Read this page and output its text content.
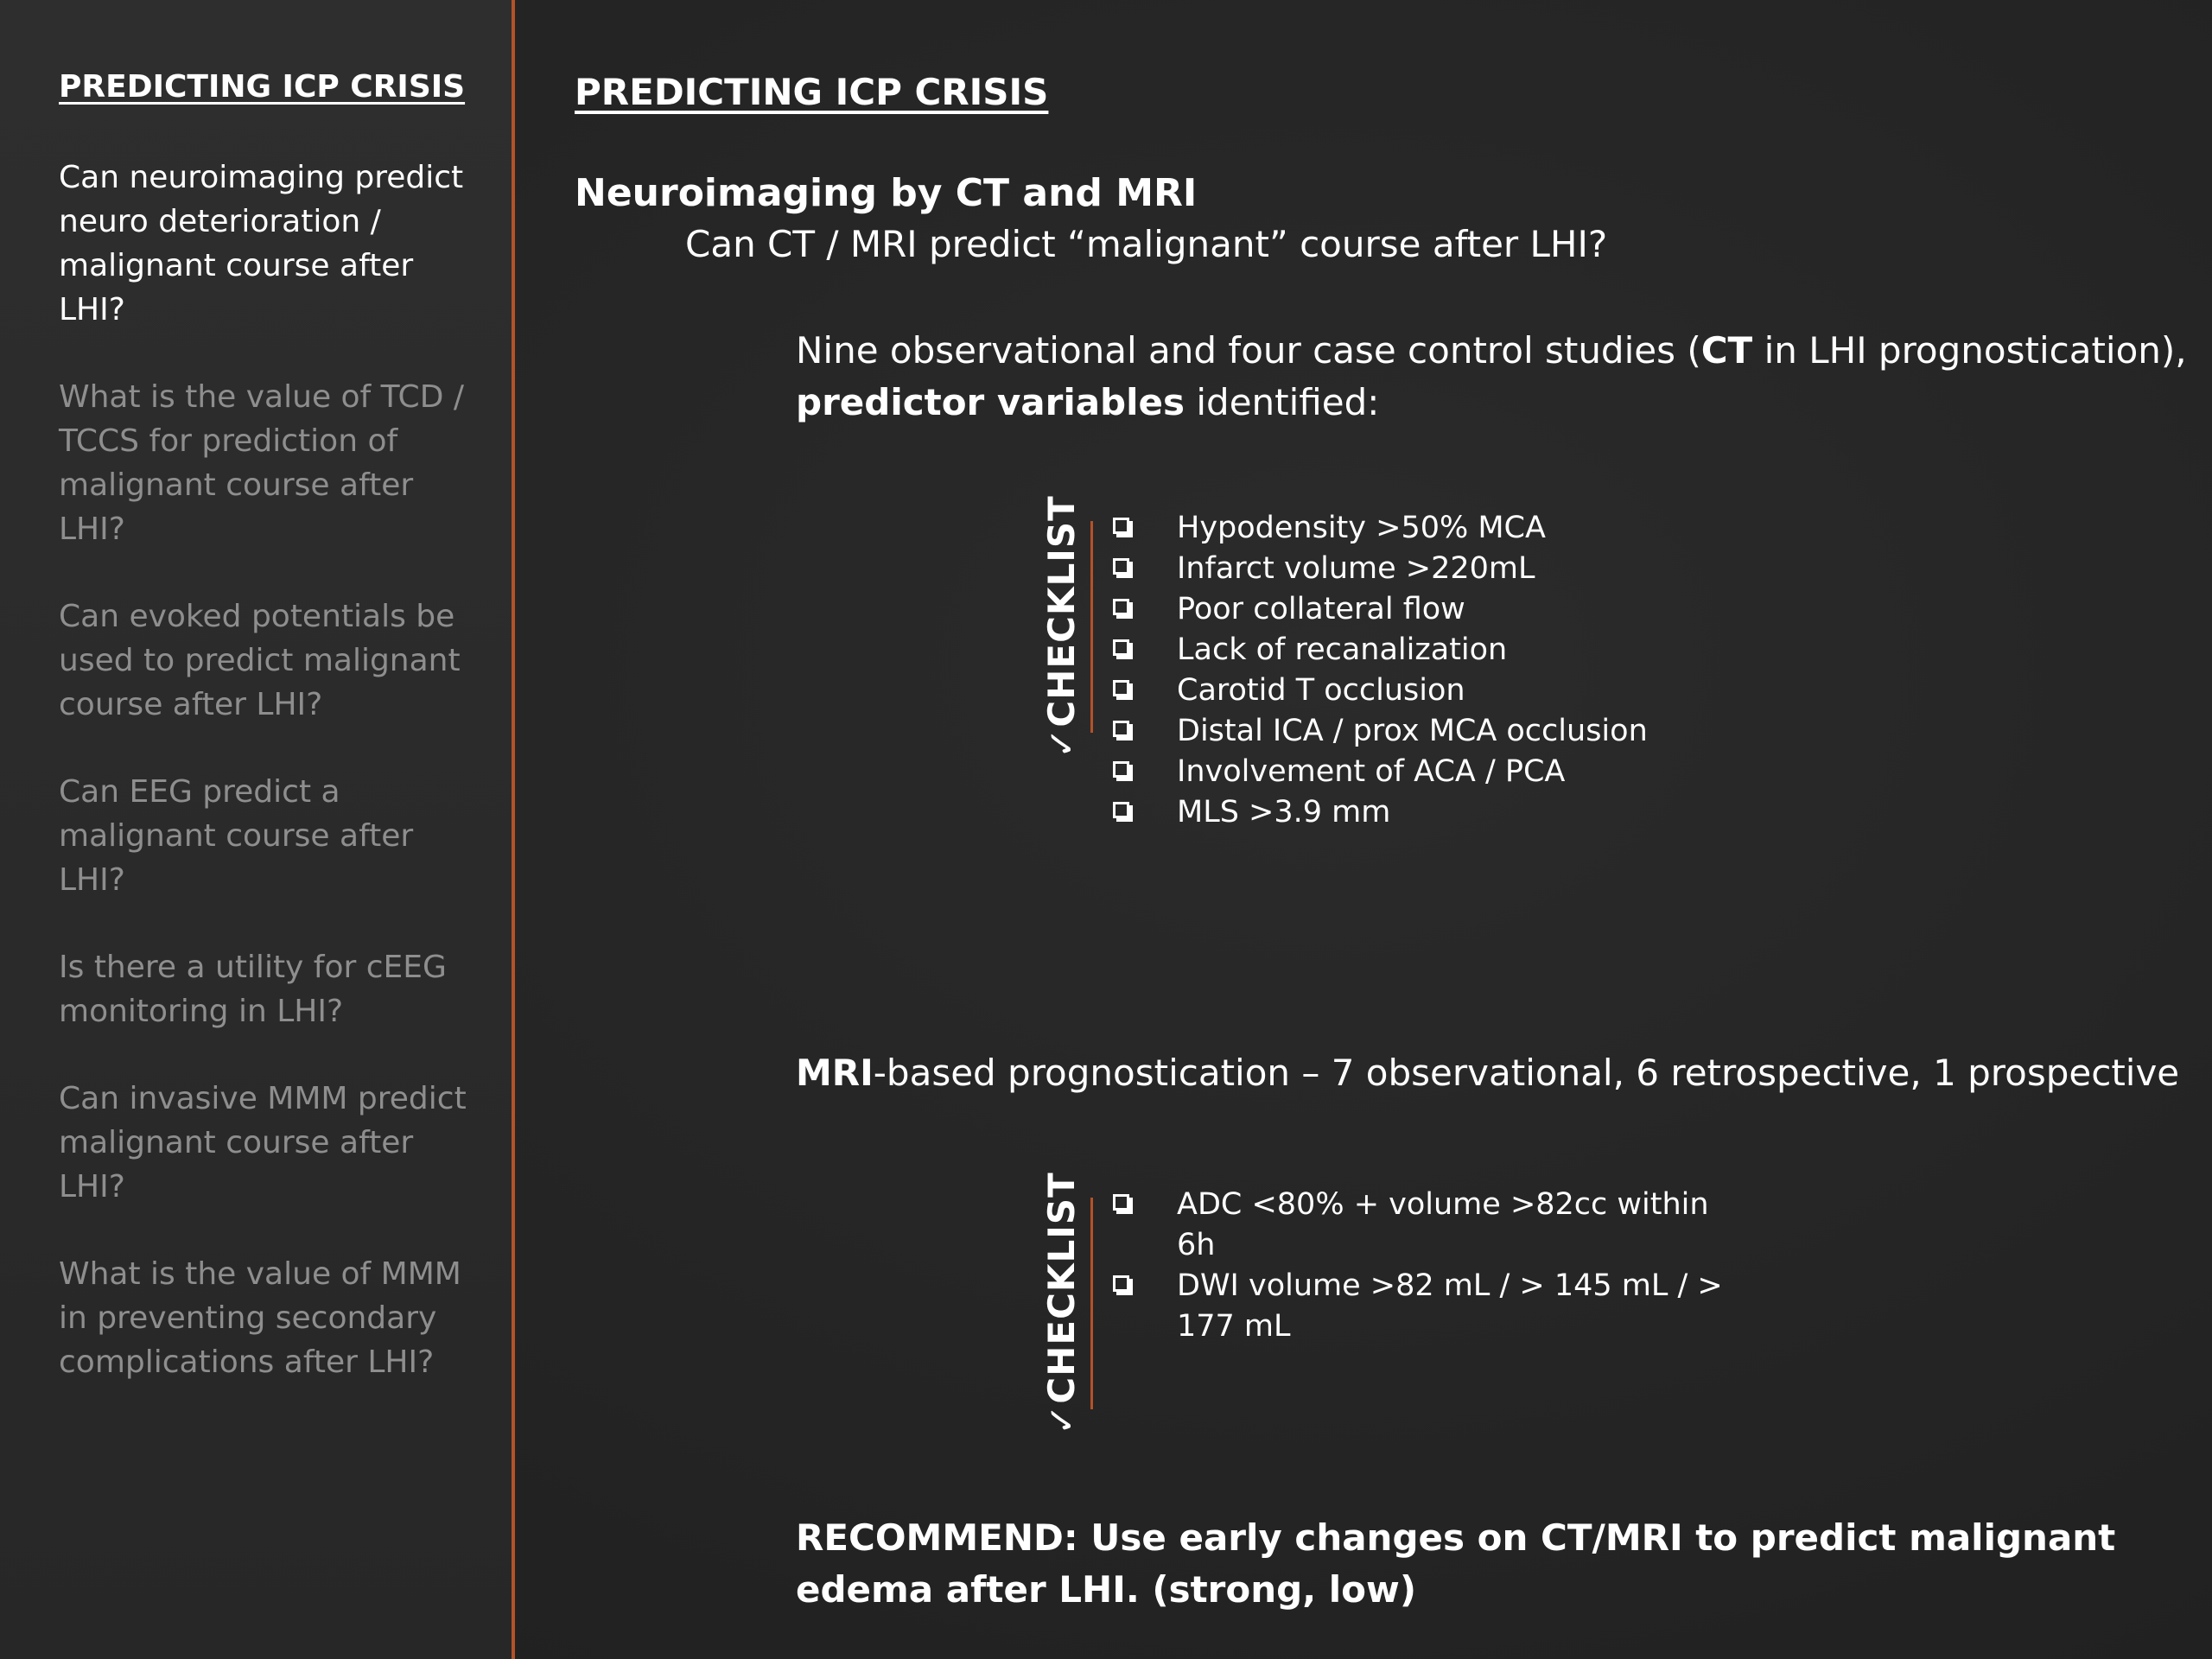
PREDICTING ICP CRISIS
Can neuroimaging predict neuro deterioration / malignant course after LHI?
What is the value of TCD / TCCS for prediction of malignant course after LHI?
Can evoked potentials be used to predict malignant course after LHI?
Can EEG predict a malignant course after LHI?
Is there a utility for cEEG monitoring in LHI?
Can invasive MMM predict malignant course after LHI?
What is the value of MMM in preventing secondary complications after LHI?
PREDICTING ICP CRISIS
Neuroimaging by CT and MRI
Can CT / MRI predict “malignant” course after LHI?
Nine observational and four case control studies (CT in LHI prognostication),
predictor variables identified:
✓CHECKLIST	Hypodensity >50% MCA
Infarct volume >220mL
Poor collateral flow
Lack of recanalization
Carotid T occlusion
Distal ICA / prox MCA occlusion
Involvement of ACA / PCA
MLS >3.9 mm
MRI-based prognostication – 7 observational, 6 retrospective, 1 prospective
✓CHECKLIST	ADC <80% + volume >82cc within 6h
DWI volume >82 mL / > 145 mL / > 177 mL
RECOMMEND: Use early changes on CT/MRI to predict malignant edema after LHI. (strong, low)
